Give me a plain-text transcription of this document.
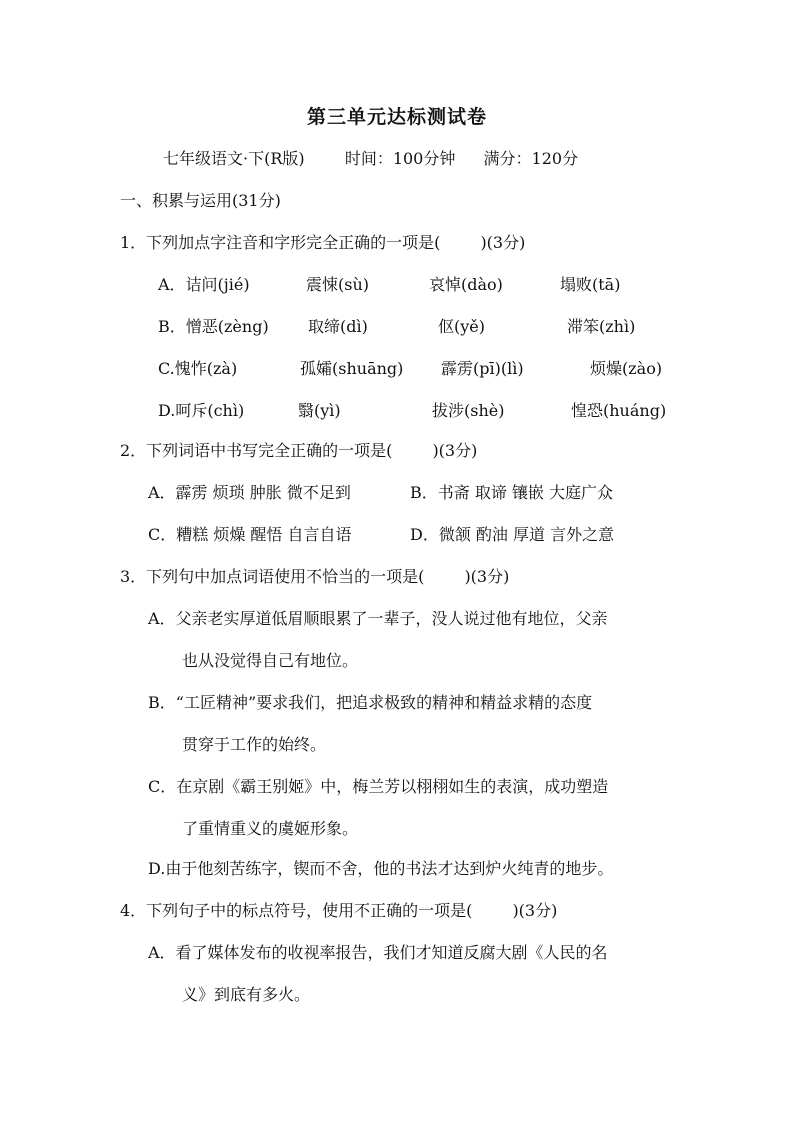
第三单元达标测试卷
七年级语文·下(R版)	时间：100分钟 满分：120分
一、积累与运用(31分)
1．下列加点字注音和字形完全正确的一项是(	)(3分)
A．诘问(jié)	震悚(sù)	哀悼(dào)	塌败(tā)
B．憎恶(zèng) 取缔(dì)	伛(yě)	滞笨(zhì)
C.愧怍(zà)	孤孀(shuāng) 霹雳(pī)(lì)	烦燥(zào)
D.呵斥(chì)	翳(yì)	拔涉(shè)	惶恐(huáng)
2．下列词语中书写完全正确的一项是(	)(3分)
A．霹雳 烦琐 肿胀 微不足到	B．书斋 取谛 镶嵌 大庭广众
C．糟糕 烦燥 醒悟 自言自语	D．微颔 酌油 厚道 言外之意
3．下列句中加点词语使用不恰当的一项是(	)(3分)
A．父亲老实厚道低眉顺眼累了一辈子，没人说过他有地位，父亲
也从没觉得自己有地位。
B．“工匠精神”要求我们，把追求极致的精神和精益求精的态度
贯穿于工作的始终。
C．在京剧《霸王别姬》中，梅兰芳以栩栩如生的表演，成功塑造
了重情重义的虞姬形象。
D.由于他刻苦练字，锲而不舍，他的书法才达到炉火纯青的地步。
4．下列句子中的标点符号，使用不正确的一项是(	)(3分)
A．看了媒体发布的收视率报告，我们才知道反腐大剧《人民的名
义》到底有多火。
